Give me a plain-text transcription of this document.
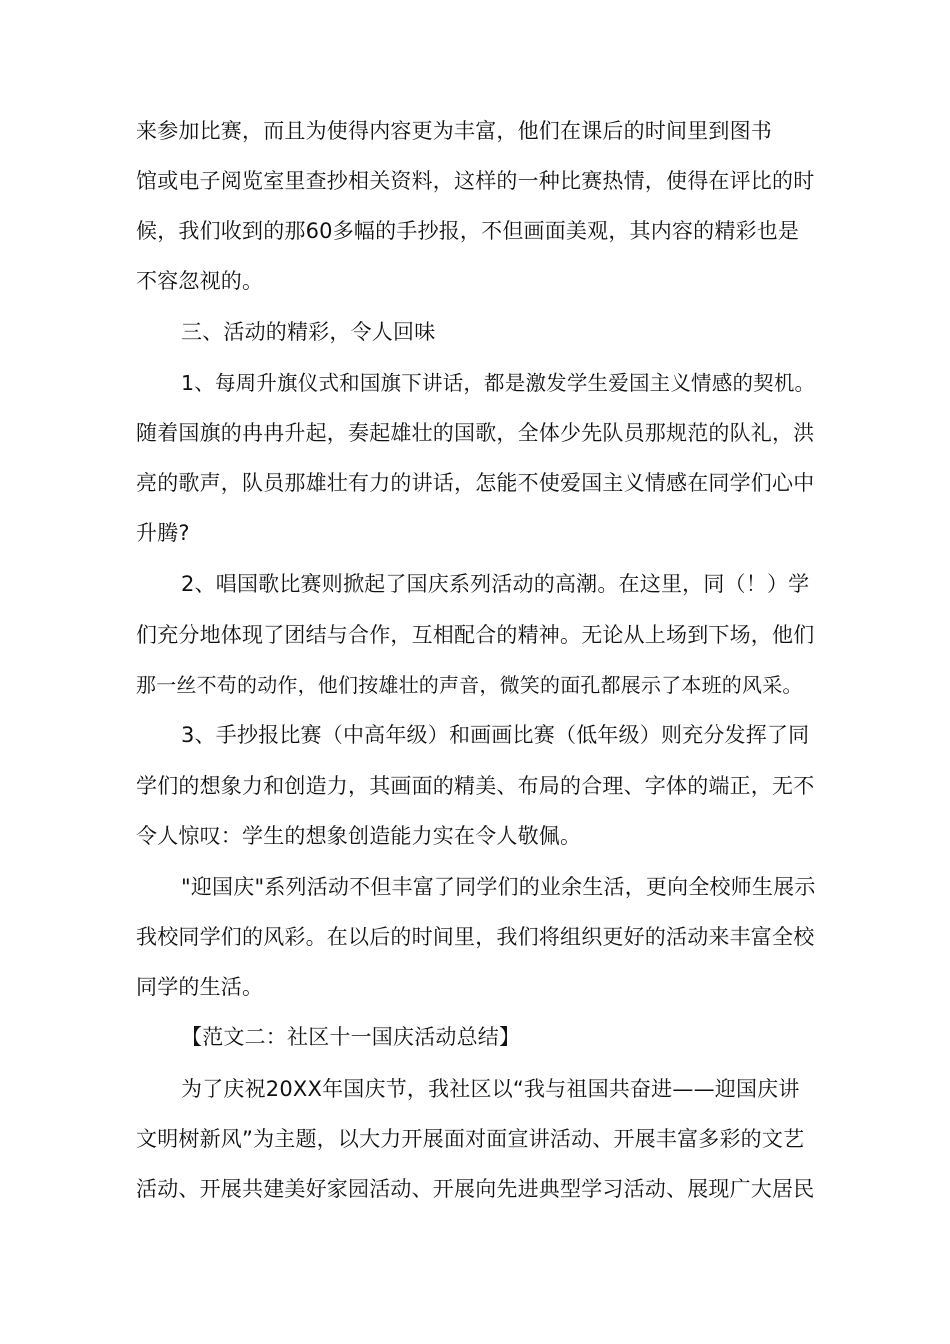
来参加比赛，而且为使得内容更为丰富，他们在课后的时间里到图书
馆或电子阅览室里查抄相关资料，这样的一种比赛热情，使得在评比的时
候，我们收到的那60多幅的手抄报，不但画面美观，其内容的精彩也是
不容忽视的。
三、活动的精彩，令人回味
1、每周升旗仪式和国旗下讲话，都是激发学生爱国主义情感的契机。
随着国旗的冉冉升起，奏起雄壮的国歌，全体少先队员那规范的队礼，洪
亮的歌声，队员那雄壮有力的讲话，怎能不使爱国主义情感在同学们心中
升腾?
2、唱国歌比赛则掀起了国庆系列活动的高潮。在这里，同（！）学
们充分地体现了团结与合作，互相配合的精神。无论从上场到下场，他们
那一丝不苟的动作，他们按雄壮的声音，微笑的面孔都展示了本班的风采。
3、手抄报比赛（中高年级）和画画比赛（低年级）则充分发挥了同
学们的想象力和创造力，其画面的精美、布局的合理、字体的端正，无不
令人惊叹：学生的想象创造能力实在令人敬佩。
"迎国庆"系列活动不但丰富了同学们的业余生活，更向全校师生展示
我校同学们的风彩。在以后的时间里，我们将组织更好的活动来丰富全校
同学的生活。
【范文二：社区十一国庆活动总结】
为了庆祝20XX年国庆节，我社区以“我与祖国共奋进——迎国庆讲
文明树新风”为主题，以大力开展面对面宣讲活动、开展丰富多彩的文艺
活动、开展共建美好家园活动、开展向先进典型学习活动、展现广大居民
